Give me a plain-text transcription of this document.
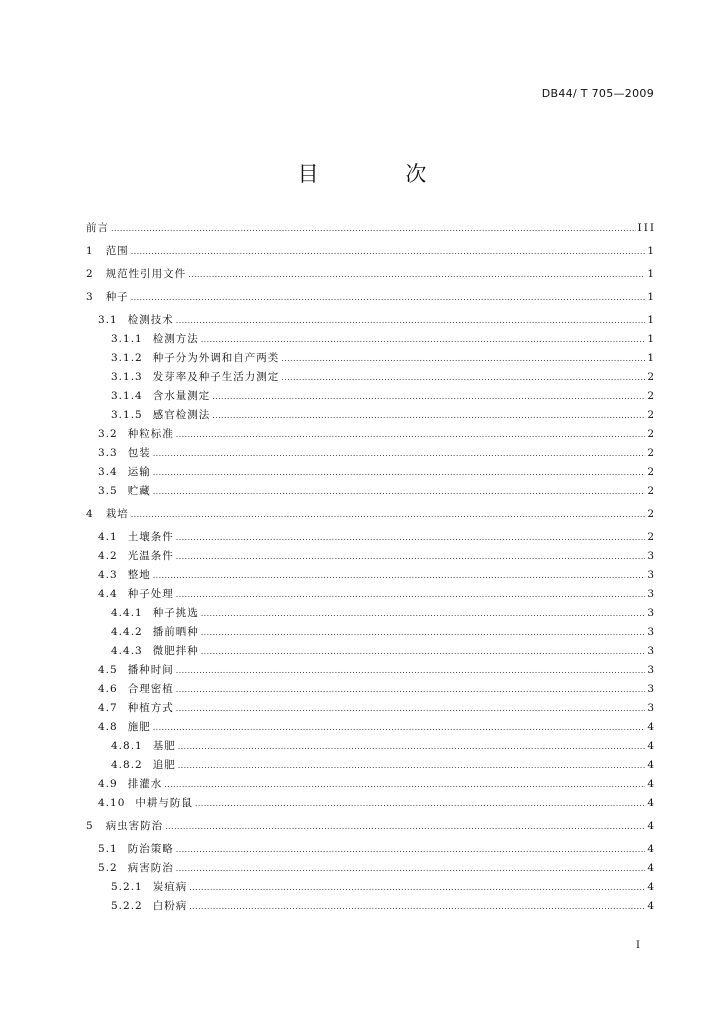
DB44/ T 705—2009
目 次
前言 .....	III
1 范围 .....	1
2 规范性引用文件 .....	1
3 种子 .....	1
3.1 检测技术 .....	1
3.1.1 检测方法 .....	1
3.1.2 种子分为外调和自产两类 .....	1
3.1.3 发芽率及种子生活力测定 .....	2
3.1.4 含水量测定 .....	2
3.1.5 感官检测法 .....	2
3.2 种粒标准 .....	2
3.3 包装 .....	2
3.4 运输 .....	2
3.5 贮藏 .....	2
4 栽培 .....	2
4.1 土壤条件 .....	2
4.2 光温条件 .....	3
4.3 整地 .....	3
4.4 种子处理 .....	3
4.4.1 种子挑选 .....	3
4.4.2 播前晒种 .....	3
4.4.3 微肥拌种 .....	3
4.5 播种时间 .....	3
4.6 合理密植 .....	3
4.7 种植方式 .....	3
4.8 施肥 .....	4
4.8.1 基肥 .....	4
4.8.2 追肥 .....	4
4.9 排灌水 .....	4
4.10 中耕与防鼠 .....	4
5 病虫害防治 .....	4
5.1 防治策略 .....	4
5.2 病害防治 .....	4
5.2.1 炭疽病 .....	4
5.2.2 白粉病 .....	4
I
